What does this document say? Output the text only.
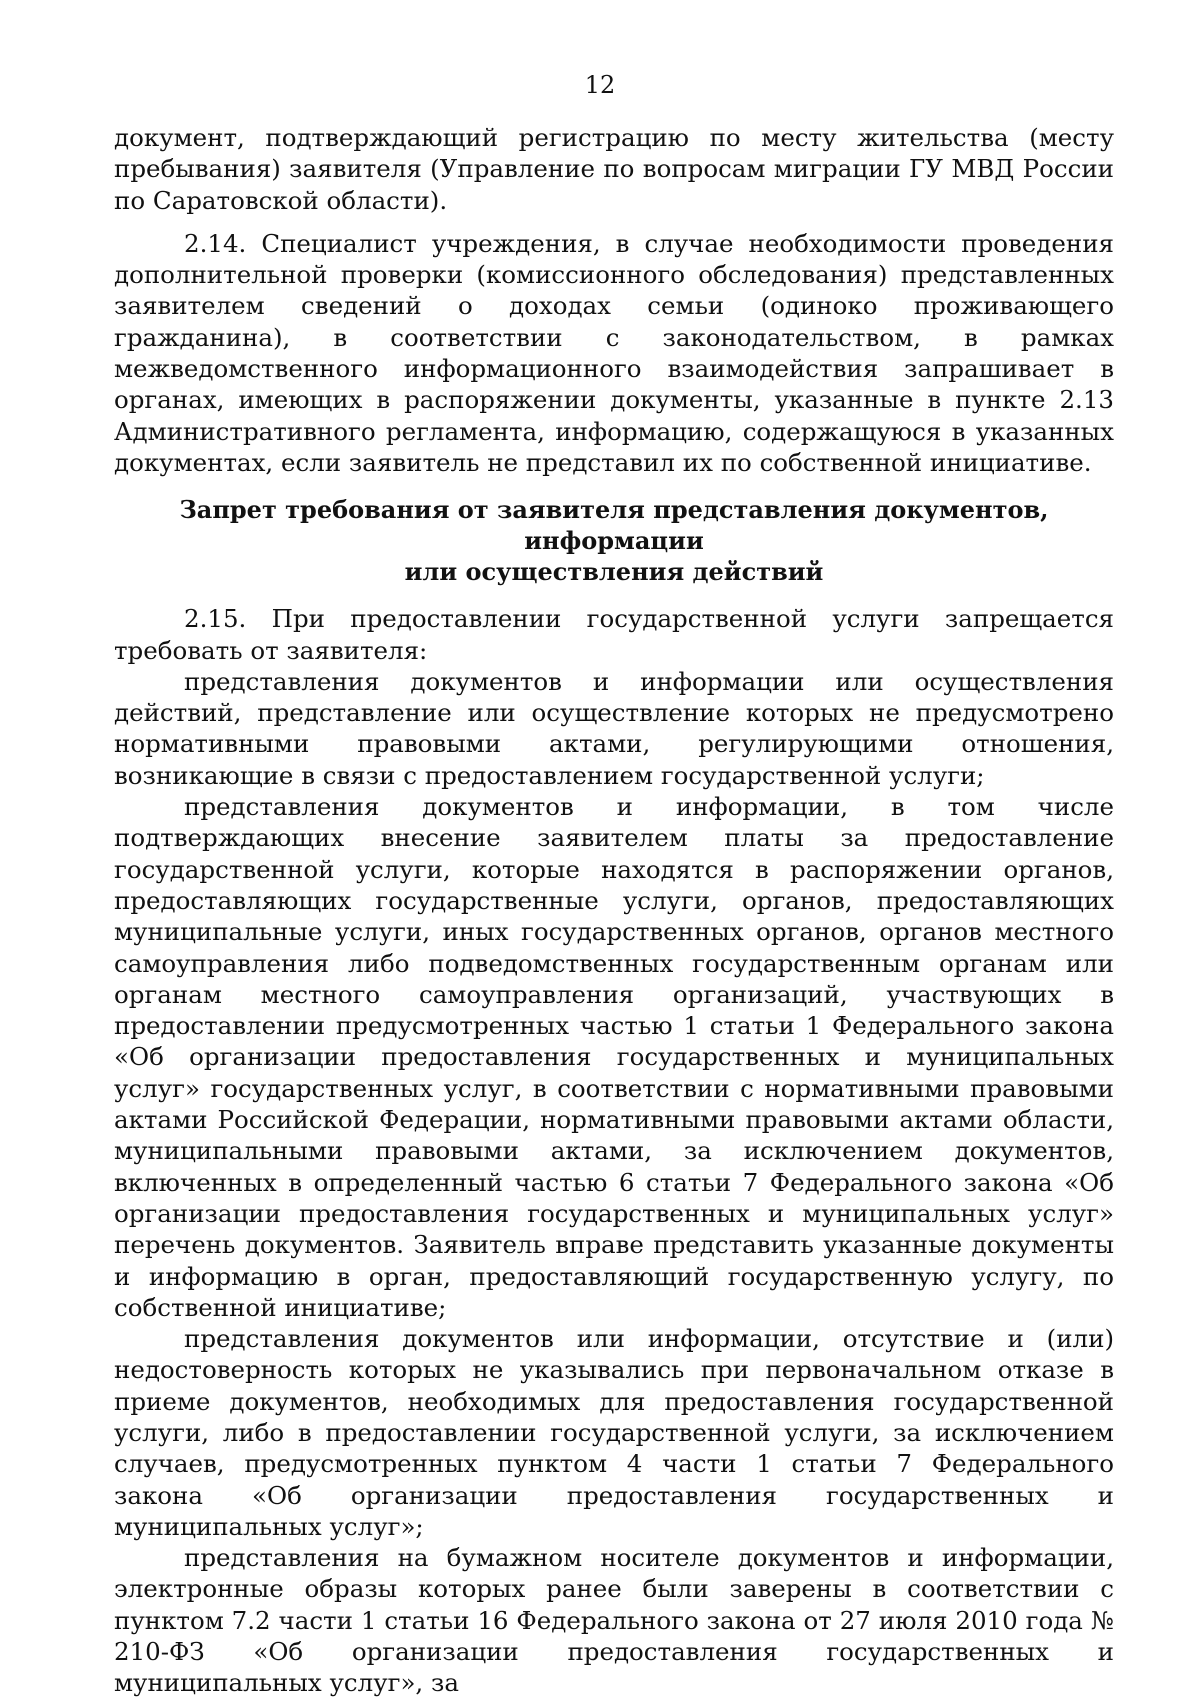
12

документ, подтверждающий регистрацию по месту жительства (месту пребывания) заявителя (Управление по вопросам миграции ГУ МВД России по Саратовской области).

2.14. Специалист учреждения, в случае необходимости проведения дополнительной проверки (комиссионного обследования) представленных заявителем сведений о доходах семьи (одиноко проживающего гражданина), в соответствии с законодательством, в рамках межведомственного информационного взаимодействия запрашивает в органах, имеющих в распоряжении документы, указанные в пункте 2.13 Административного регламента, информацию, содержащуюся в указанных документах, если заявитель не представил их по собственной инициативе.

Запрет требования от заявителя представления документов, информации
или осуществления действий

2.15. При предоставлении государственной услуги запрещается требовать от заявителя:

представления документов и информации или осуществления действий, представление или осуществление которых не предусмотрено нормативными правовыми актами, регулирующими отношения, возникающие в связи с предоставлением государственной услуги;

представления документов и информации, в том числе подтверждающих внесение заявителем платы за предоставление государственной услуги, которые находятся в распоряжении органов, предоставляющих государственные услуги, органов, предоставляющих муниципальные услуги, иных государственных органов, органов местного самоуправления либо подведомственных государственным органам или органам местного самоуправления организаций, участвующих в предоставлении предусмотренных частью 1 статьи 1 Федерального закона «Об организации предоставления государственных и муниципальных услуг» государственных услуг, в соответствии с нормативными правовыми актами Российской Федерации, нормативными правовыми актами области, муниципальными правовыми актами, за исключением документов, включенных в определенный частью 6 статьи 7 Федерального закона «Об организации предоставления государственных и муниципальных услуг» перечень документов. Заявитель вправе представить указанные документы и информацию в орган, предоставляющий государственную услугу, по собственной инициативе;

представления документов или информации, отсутствие и (или) недостоверность которых не указывались при первоначальном отказе в приеме документов, необходимых для предоставления государственной услуги, либо в предоставлении государственной услуги, за исключением случаев, предусмотренных пунктом 4 части 1 статьи 7 Федерального закона «Об организации предоставления государственных и муниципальных услуг»;

представления на бумажном носителе документов и информации, электронные образы которых ранее были заверены в соответствии с пунктом 7.2 части 1 статьи 16 Федерального закона от 27 июля 2010 года № 210-ФЗ «Об организации предоставления государственных и муниципальных услуг», за
